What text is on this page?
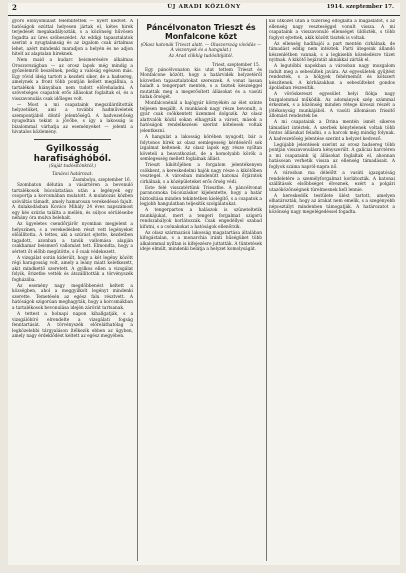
2	ÚJ ARADI KÖZLÖNY	1914. szeptember 17.

gyors előnyomulást felemlitették — nyert kedvet. A hatóságok ezúttal helyesen jártak el, kétes hirek terjedését megakadályozták, s a közönség hűvösen fogadta az üres szóbeszédet. Az eddigi tapasztalatok szerint a nyugtalanság és az izgalom csak ártalmas lehet, azért mindenki maradjon a helyén és ne adjon hitelt az alaptalan híreknek.

Nem maid a kudarc beismerésére alkalmas Oroszországban — az orosz lapok még mindig a győzelemről beszélnek, pedig a valóság egészen más. Egy rövid ideig tartott a kezdeti siker, de a hadsereg, amelynek a front több pontján kellett megállnia, a tartalékok hiányában nem tudott előrehaladni. A szövetséges csapatok erős állásokat foglaltak el, és a visszavonulás csak időleges volt.

— Most a mi csapataink megszilárdították helyzetüket, ami a további hadműveletek szempontjából döntő jelentőségű. A hadvezetőség nyugodtan tekint a jövőbe, s így a lakosság is bizalommal várhatja az eseményeket — jelenti a hivatalos közlemény.

Gyilkosság harafisághóból.
(Saját tudósítónktól.)
Tanácsi határozat.
Zsombolya, szeptember 16.

Szombaton délután a vásártéren a bevonuló tartalékosok búcsúztatása után a legények egy csoportja a korcsmában mulatott. A mulatozás közben szóváltás támadt, amely hamarosan verekedéssé fajult. A dulakodásban Kovács Mihály 24 éves napszámost egy kés szúrás találta a mellén, és súlyos sérüléseibe néhány óra mulva belehalt.

Az ügyeletes csendőrjárőr nyomban megjelent a helyszínen, s a verekedésben részt vett legényeket előállította. A tettes, aki a szúrást ejtette, kezdetben tagadott, azonban a tanúk vallomása alapján csakhamar beismerő vallomást tett. Elmondta, hogy a sértett őt előbb megütötte, s ő csak védekezett.

A vizsgálat során kiderült, hogy a két legény között régi haragosság volt, amely a leány miatt keletkezett, akit mindkettő szeretett. A gyilkos ellen a vizsgálat folyik, őrizetbe vették és átszállították a törvényszék fogházába.

Az esemény nagy megdöbbenést keltett a községben, ahol a meggyilkolt legényt mindenki szerette. Temetésén az egész falu résztvett. A hatóságok szigorúan meghagyták, hogy a korcsmákban a tartalékosok bevonulása idején zárórát tartsanak.

A tettest a holnapi napon kihallgatják, s a vizsgálóbíró elrendelte a vizsgálati fogság fenntartását. A törvényszék előreláthatólag a legközelebbi tárgyaláson ítélkezik ebben az ügyben, amely nagy érdeklődést keltett az egész megyében.

Páncélvonaton Trieszt és Monfalcone közt
(Olasz katonák Trieszt alatt. — Olaszország vívódás — A viszonyok és a hangulat.)
Az Arad clikkíg tudósítójától.
Triest, szeptember 15.

Egy páncélvonaton kis utat tettem Trieszt és Monfalcone között, hogy a határvidék helyzetéről közvetlen tapasztalatokat szerezzek. A vonat lassan haladt a tengerpart mentén, s a tisztek készséggel mutatták meg a megerősített állásokat és a vasúti hidak őrségét.

Monfalconénál a hajógyár környékén az élet szinte teljesen megállt. A munkások nagy része bevonult, a gyár csak csökkentett üzemmel dolgozik. Az olasz alattvalók közül sokan elhagyták a várost, mások a hatóságok rendelkezései szerint kötelesek voltak jelentkezni.

A hangulat a lakosság körében nyugodt, bár a folytonos hírek az olasz semlegesség kérdéséről sok izgalmat keltenek. Az olasz lapok egy része nyíltan követeli a beavatkozást, de a komolyabb körök a semlegesség mellett foglalnak állást.

Trieszt kikötőjében a forgalom jelentékenyen csökkent, a kereskedelmi hajók nagy része a kikötőben vesztegel. A városban mindenütt katonai őrjáratok cirkálnak, s a középületeket erős őrség védi.

Este felé visszatértünk Triesztbe. A páncélvonat parancsnoka búcsúzáskor kijelentette, hogy a határ biztosítása minden tekintetben kielégítő, s a csapatok a legjobb hangulatban teljesítik szolgálatukat.

A tengerparton a halászok is szüneteltetik munkájukat, mert a tengeri forgalmat szigorú rendszabályok korlátozzák. Csak engedéllyel szabad kifutni, s a csónakokat a hatóságok ellenőrzik.

Az olasz származású lakosság magatartása általában kifogástalan, s a monarchia iránti hűségüket több alkalommal nyíltan is kifejezésre juttatták. A tüntetések ideje elmúlt, mindenki belátja a helyzet komolyságát.

kis ütközet után a tüzérség elfoglalta a magaslatot, s az ellenség nagy veszteséggel vonult vissza. A mi csapataink a visszavonuló ellenséget üldözték, s több foglyot ejtettek, akik között tisztek is voltak.

Az ellenség hadihajói a part mentén cirkálnak, de támadást eddig nem intéztek. Parti ütegeink állandó készenlétben vannak, s a legkisebb közeledésre tüzet nyitnak. A kikötő bejáratát aknákkal zárták el.

A legutóbbi napokban a városban nagy mozgalom indult meg a sebesültek javára. Az egyesületek gyűjtést rendeztek, s a hölgyek fehérneműt és kötszert készítenek. A kórházakban a sebesülteket gondos ápolásban részesítik.

A vöröskereszt egyesület helyi fiókja nagy buzgalommal működik. Az adományok szép számmal érkeznek, s a közönség minden rétege kiveszi részét a jótékonyság munkájából. A vasúti állomáson frissítő állomást rendeztek be.

A mi csapataink a Drina mentén ismét sikeres támadást intéztek. A szerbek kénytelenek voltak több fontos állásukat feladni, s a harcok még mindig folynak. A hadvezetőség jelentése szerint a helyzet kedvező.

Legújabb jelentések szerint az orosz hadsereg több pontján visszavonulásra kényszerült. A galíciai harctéren a mi csapataink új állásokat foglaltak el, ahonnan hatásosan verhetik vissza az ellenség támadásait. A foglyok száma napról-napra nő.

A városban ma délelőtt a vasúti igazgatóság rendeletére a személyforgalmat korlátozták. A katonai szállítások elsőbbséget élveznek, ezért a polgári utazóközönségnek türelmesnek kell lennie.

A kereskedők testülete ülést tartott, amelyen elhatározták, hogy az árakat nem emelik, s a szegényebb néposztályt mindenben támogatják. A határozatot a közönség nagy megelégedéssel fogadta.
